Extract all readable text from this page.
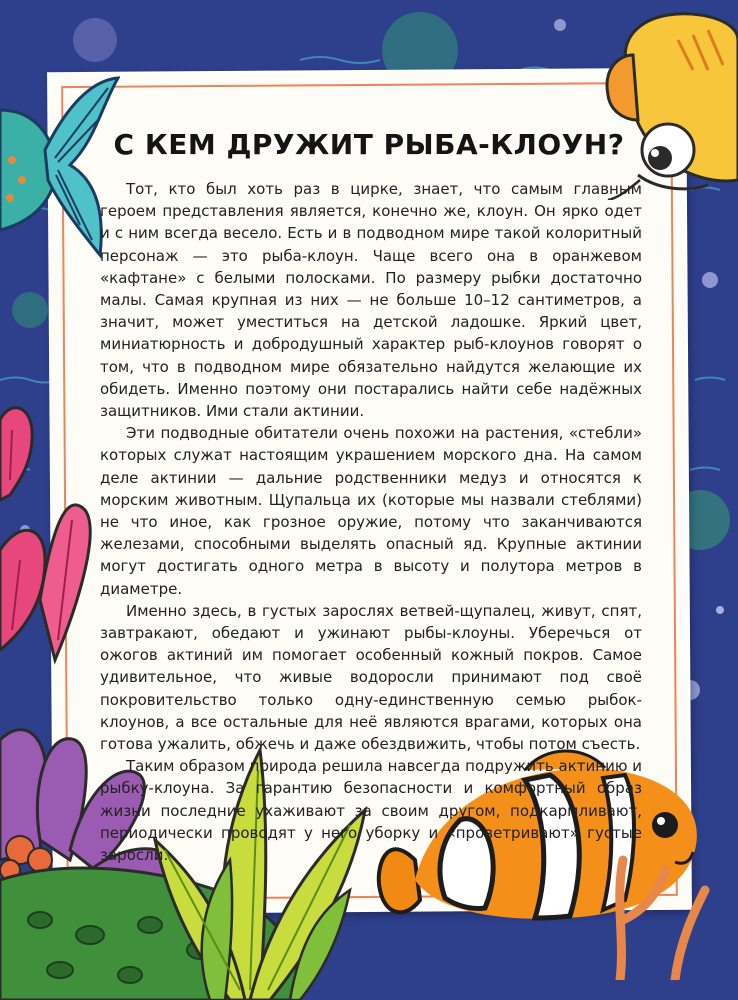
С КЕМ ДРУЖИТ РЫБА-КЛОУН?

Тот, кто был хоть раз в цирке, знает, что самым главным героем представления является, конечно же, клоун. Он ярко одет и с ним всегда весело. Есть и в подводном мире такой колоритный персонаж — это рыба-клоун. Чаще всего она в оранжевом «кафтане» с белыми полосками. По размеру рыбки достаточно малы. Самая крупная из них — не больше 10–12 сантиметров, а значит, может уместиться на детской ладошке. Яркий цвет, миниатюрность и добродушный характер рыб-клоунов говорят о том, что в подводном мире обязательно найдутся желающие их обидеть. Именно поэтому они постарались найти себе надёжных защитников. Ими стали актинии.

Эти подводные обитатели очень похожи на растения, «стебли» которых служат настоящим украшением морского дна. На самом деле актинии — дальние родственники медуз и относятся к морским животным. Щупальца их (которые мы назвали стеблями) не что иное, как грозное оружие, потому что заканчиваются железами, способными выделять опасный яд. Крупные актинии могут достигать одного метра в высоту и полутора метров в диаметре.

Именно здесь, в густых зарослях ветвей-щупалец, живут, спят, завтракают, обедают и ужинают рыбы-клоуны. Уберечься от ожогов актиний им помогает особенный кожный покров. Самое удивительное, что живые водоросли принимают под своё покровительство только одну-единственную семью рыбок-клоунов, а все остальные для неё являются врагами, которых она готова ужалить, обжечь и даже обездвижить, чтобы потом съесть.

Таким образом природа решила навсегда подружить актинию и рыбку-клоуна. За гарантию безопасности и комфортный образ жизни последние ухаживают за своим другом, подкармливают, периодически проводят у него уборку и «проветривают» густые заросли.
